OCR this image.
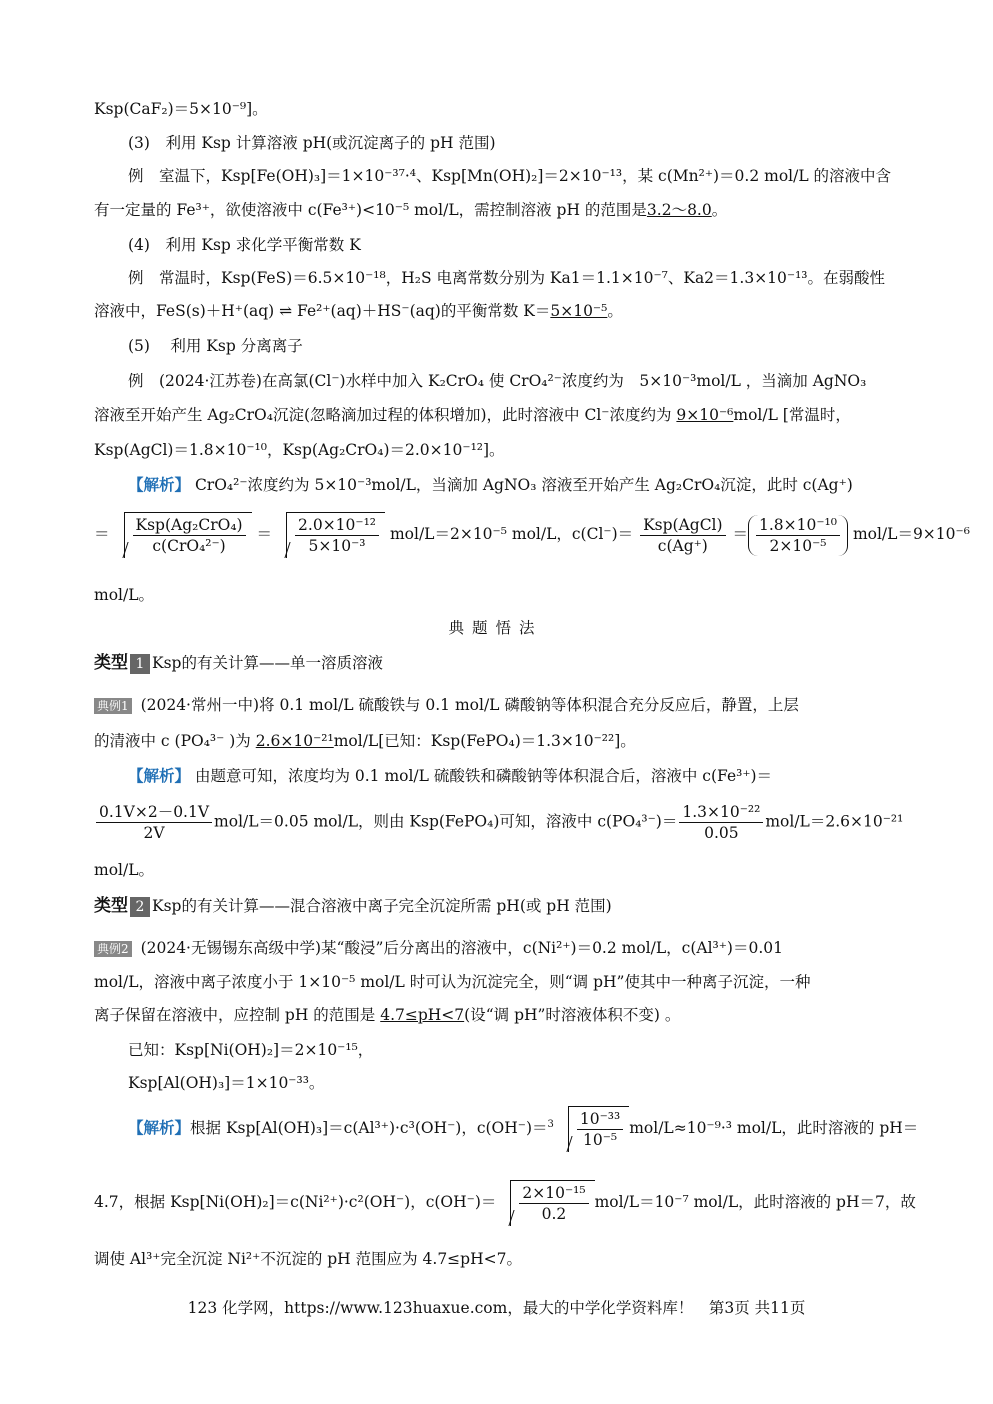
Ksp(CaF₂)＝5×10⁻⁹]。
(3)　利用 Ksp 计算溶液 pH(或沉淀离子的 pH 范围)
例　室温下，Ksp[Fe(OH)₃]＝1×10⁻³⁷·⁴、Ksp[Mn(OH)₂]＝2×10⁻¹³，某 c(Mn²⁺)＝0.2 mol/L 的溶液中含
有一定量的 Fe³⁺，欲使溶液中 c(Fe³⁺)<10⁻⁵ mol/L，需控制溶液 pH 的范围是3.2～8.0。
(4)　利用 Ksp 求化学平衡常数 K
例　常温时，Ksp(FeS)＝6.5×10⁻¹⁸，H₂S 电离常数分别为 Ka1＝1.1×10⁻⁷、Ka2＝1.3×10⁻¹³。在弱酸性
溶液中，FeS(s)＋H⁺(aq) ⇌ Fe²⁺(aq)＋HS⁻(aq)的平衡常数 K＝5×10⁻⁵。
(5)　 利用 Ksp 分离离子
例　(2024·江苏卷)在高氯(Cl⁻)水样中加入 K₂CrO₄ 使 CrO₄²⁻浓度约为　5×10⁻³mol/L ，当滴加 AgNO₃
溶液至开始产生 Ag₂CrO₄沉淀(忽略滴加过程的体积增加)，此时溶液中 Cl⁻浓度约为 9×10⁻⁶mol/L [常温时，
Ksp(AgCl)＝1.8×10⁻¹⁰，Ksp(Ag₂CrO₄)＝2.0×10⁻¹²]。
【解析】 CrO₄²⁻浓度约为 5×10⁻³mol/L，当滴加 AgNO₃ 溶液至开始产生 Ag₂CrO₄沉淀，此时 c(Ag⁺)
＝ $\frac{\text{Ksp(Ag₂CrO₄)}}{\text{c(CrO₄²⁻)}} = \frac{\text{2.0×10⁻¹²}}{\text{5×10⁻³}} mol/L=2\times 10^{-5}$ mol/L，$c(Cl^-)= \frac{\text{Ksp(AgCl)}}{c(Ag^+)} = \frac{\text{1.8×10⁻¹⁰}}{\text{2×10⁻⁵}} mol/L=9\times 10^{-6}$
mol/L。
典题悟法
类型 1 Ksp的有关计算——单一溶质溶液
典例1 (2024·常州一中)将 0.1 mol/L 硫酸铁与 0.1 mol/L 磷酸钠等体积混合充分反应后，静置，上层
的清液中 c (PO₄³⁻ )为 2.6×10⁻²¹mol/L[已知：Ksp(FePO₄)＝1.3×10⁻²²]。
【解析】 由题意可知，浓度均为 0.1 mol/L 硫酸铁和磷酸钠等体积混合后，溶液中 c(Fe³⁺)＝
$\frac{0.1V\times 2-0.1V}{2V} mol/L=0.05$ mol/L，则由 Ksp(FePO₄)可知，溶液中 $c(PO_4^{3-})= \frac{\text{1.3×10⁻²²}}{0.05} mol/L=2.6\times 10^{-21}$
mol/L。
类型 2 Ksp的有关计算——混合溶液中离子完全沉淀所需 pH(或 pH 范围)
典例2 (2024·无锡锡东高级中学)某“酸浸”后分离出的溶液中，c(Ni²⁺)＝0.2 mol/L，c(Al³⁺)＝0.01
mol/L，溶液中离子浓度小于 1×10⁻⁵ mol/L 时可认为沉淀完全，则“调 pH”使其中一种离子沉淀，一种
离子保留在溶液中，应控制 pH 的范围是 4.7≤pH<7(设“调 pH”时溶液体积不变) 。
已知：Ksp[Ni(OH)₂]＝2×10⁻¹⁵，
Ksp[Al(OH)₃]＝1×10⁻³³。
【解析】根据 Ksp[Al(OH)₃]＝c(Al³⁺)·c³(OH⁻)，$c(OH^-)=^3 \frac{\text{10⁻³³}}{\text{10⁻⁵}} mol/L\approx 10^{-9}\cdot^3$ mol/L，此时溶液的 pH＝
4.7，根据 Ksp[Ni(OH)₂]＝c(Ni²⁺)·c²(OH⁻)，$c(OH^-)= \frac{\text{2×10⁻¹⁵}}{0.2} mol/L=10^{-7}$ mol/L，此时溶液的 pH＝7，故
调使 Al³⁺完全沉淀 Ni²⁺不沉淀的 pH 范围应为 4.7≤pH<7。
123 化学网，https://www.123huaxue.com，最大的中学化学资料库！　第3页 共11页
